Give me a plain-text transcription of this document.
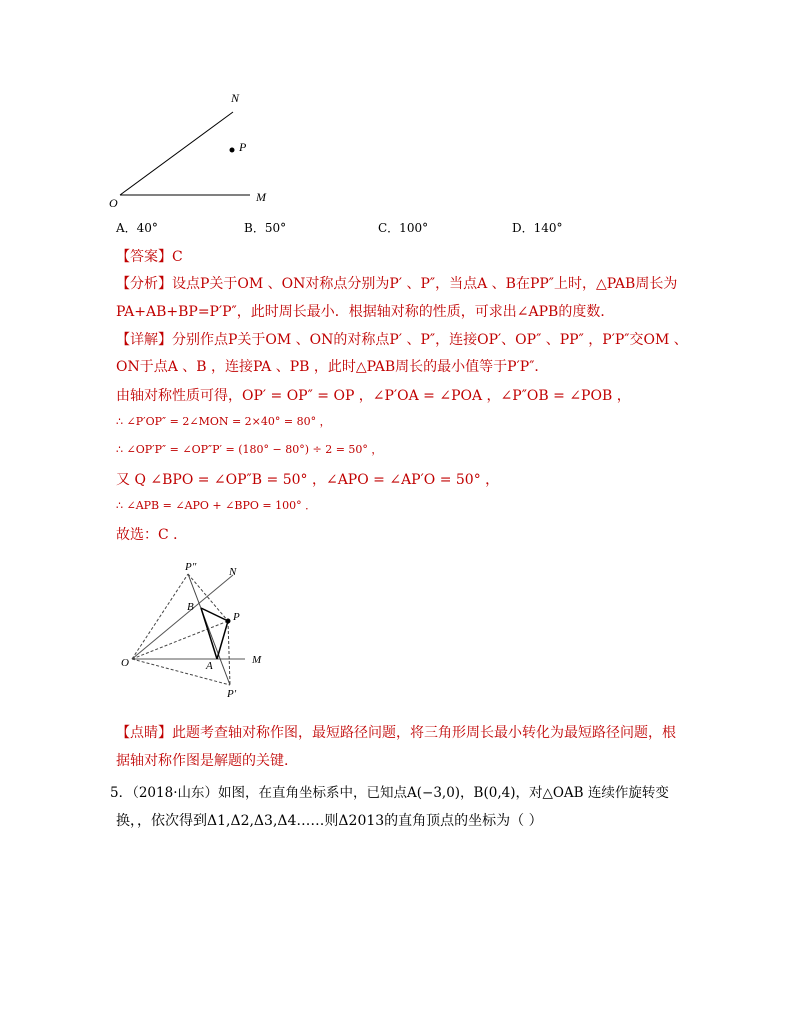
N
P
O	M
A．40°	B．50°	C．100°	D．140°
【答案】C
【分析】设点P关于OM 、ON对称点分别为P′ 、P″，当点A 、B在PP″上时，△PAB周长为
PA+AB+BP=P′P″，此时周长最小．根据轴对称的性质，可求出∠APB的度数．
【详解】分别作点P关于OM 、ON的对称点P′ 、P″，连接OP′、OP″ 、PP″ ，P′P″交OM 、
ON于点A 、B ，连接PA 、PB ，此时△PAB周长的最小值等于P′P″．
由轴对称性质可得，OP′ = OP″ = OP ，∠P′OA = ∠POA ，∠P″OB = ∠POB ，
∴ ∠P′OP″ = 2∠MON = 2×40° = 80° ，
∴ ∠OP′P″ = ∠OP″P′ = (180° − 80°) ÷ 2 = 50° ，
又 Q ∠BPO = ∠OP″B = 50° ，∠APO = ∠AP′O = 50° ，
∴ ∠APB = ∠APO + ∠BPO = 100° ．
故选：C ．
P″	N
B
P
O	A	M
P′
【点睛】此题考查轴对称作图，最短路径问题，将三角形周长最小转化为最短路径问题，根
据轴对称作图是解题的关键.
5．（2018·山东）如图，在直角坐标系中，已知点A(−3,0)，B(0,4)，对△OAB 连续作旋转变
换，，依次得到Δ1,Δ2,Δ3,Δ4……则Δ2013的直角顶点的坐标为（ ）
